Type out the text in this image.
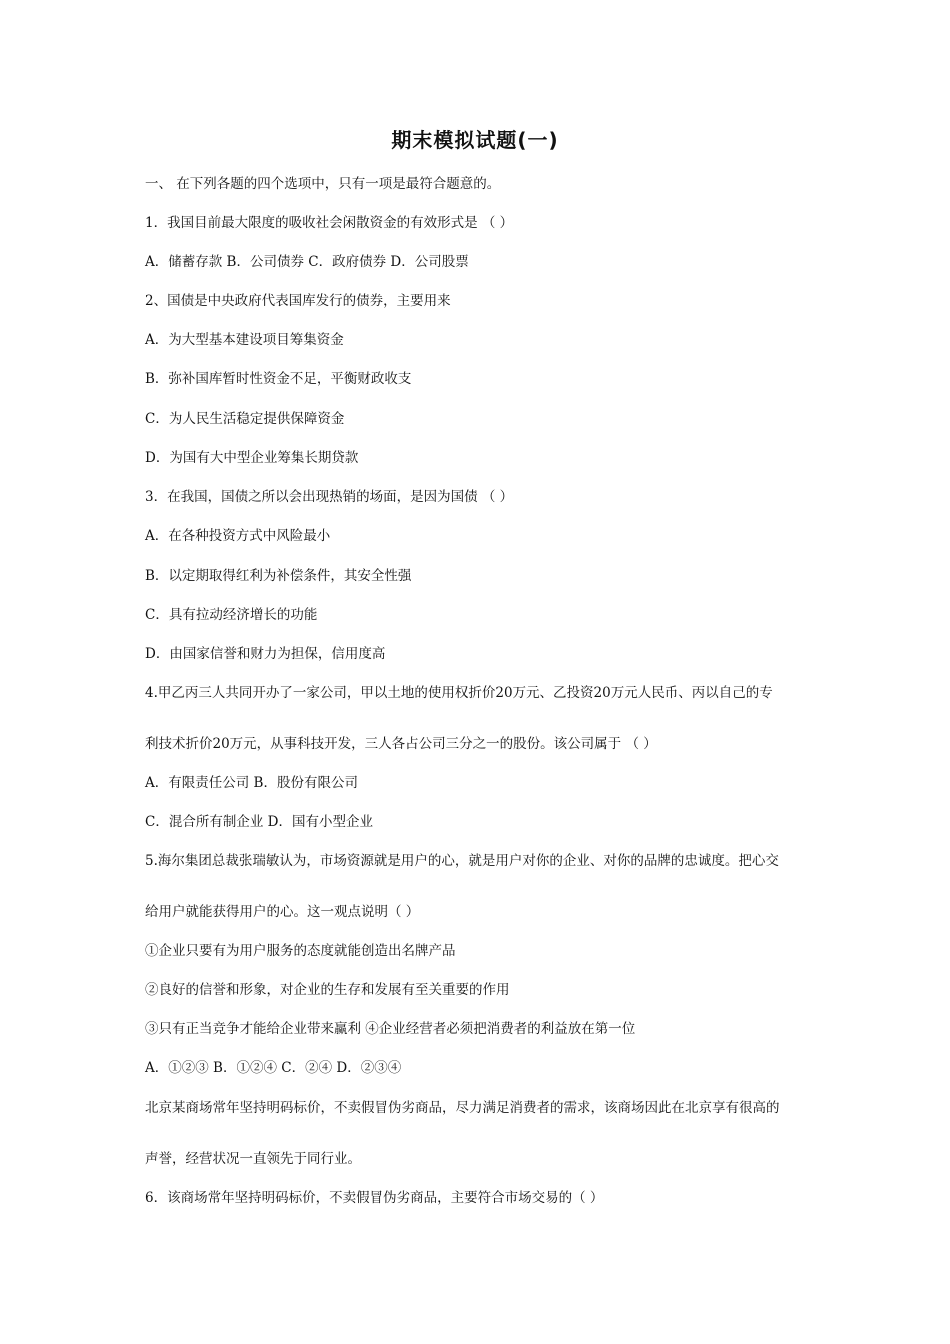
期末模拟试题(一)
一、 在下列各题的四个选项中，只有一项是最符合题意的。
1．我国目前最大限度的吸收社会闲散资金的有效形式是 （ ）
A．储蓄存款 B．公司债券 C．政府债券 D．公司股票
2、国债是中央政府代表国库发行的债券，主要用来
A．为大型基本建设项目筹集资金
B．弥补国库暂时性资金不足，平衡财政收支
C．为人民生活稳定提供保障资金
D．为国有大中型企业筹集长期贷款
3．在我国，国债之所以会出现热销的场面，是因为国债 （ ）
A．在各种投资方式中风险最小
B．以定期取得红利为补偿条件，其安全性强
C．具有拉动经济增长的功能
D．由国家信誉和财力为担保，信用度高
4.甲乙丙三人共同开办了一家公司，甲以土地的使用权折价20万元、乙投资20万元人民币、丙以自己的专
利技术折价20万元，从事科技开发，三人各占公司三分之一的股份。该公司属于 （ ）
A．有限责任公司 B．股份有限公司
C．混合所有制企业 D．国有小型企业
5.海尔集团总裁张瑞敏认为，市场资源就是用户的心，就是用户对你的企业、对你的品牌的忠诚度。把心交
给用户就能获得用户的心。这一观点说明（ ）
①企业只要有为用户服务的态度就能创造出名牌产品
②良好的信誉和形象，对企业的生存和发展有至关重要的作用
③只有正当竞争才能给企业带来赢利 ④企业经营者必须把消费者的利益放在第一位
A．①②③ B．①②④ C．②④ D．②③④
北京某商场常年坚持明码标价，不卖假冒伪劣商品，尽力满足消费者的需求，该商场因此在北京享有很高的
声誉，经营状况一直领先于同行业。
6．该商场常年坚持明码标价，不卖假冒伪劣商品，主要符合市场交易的（ ）
